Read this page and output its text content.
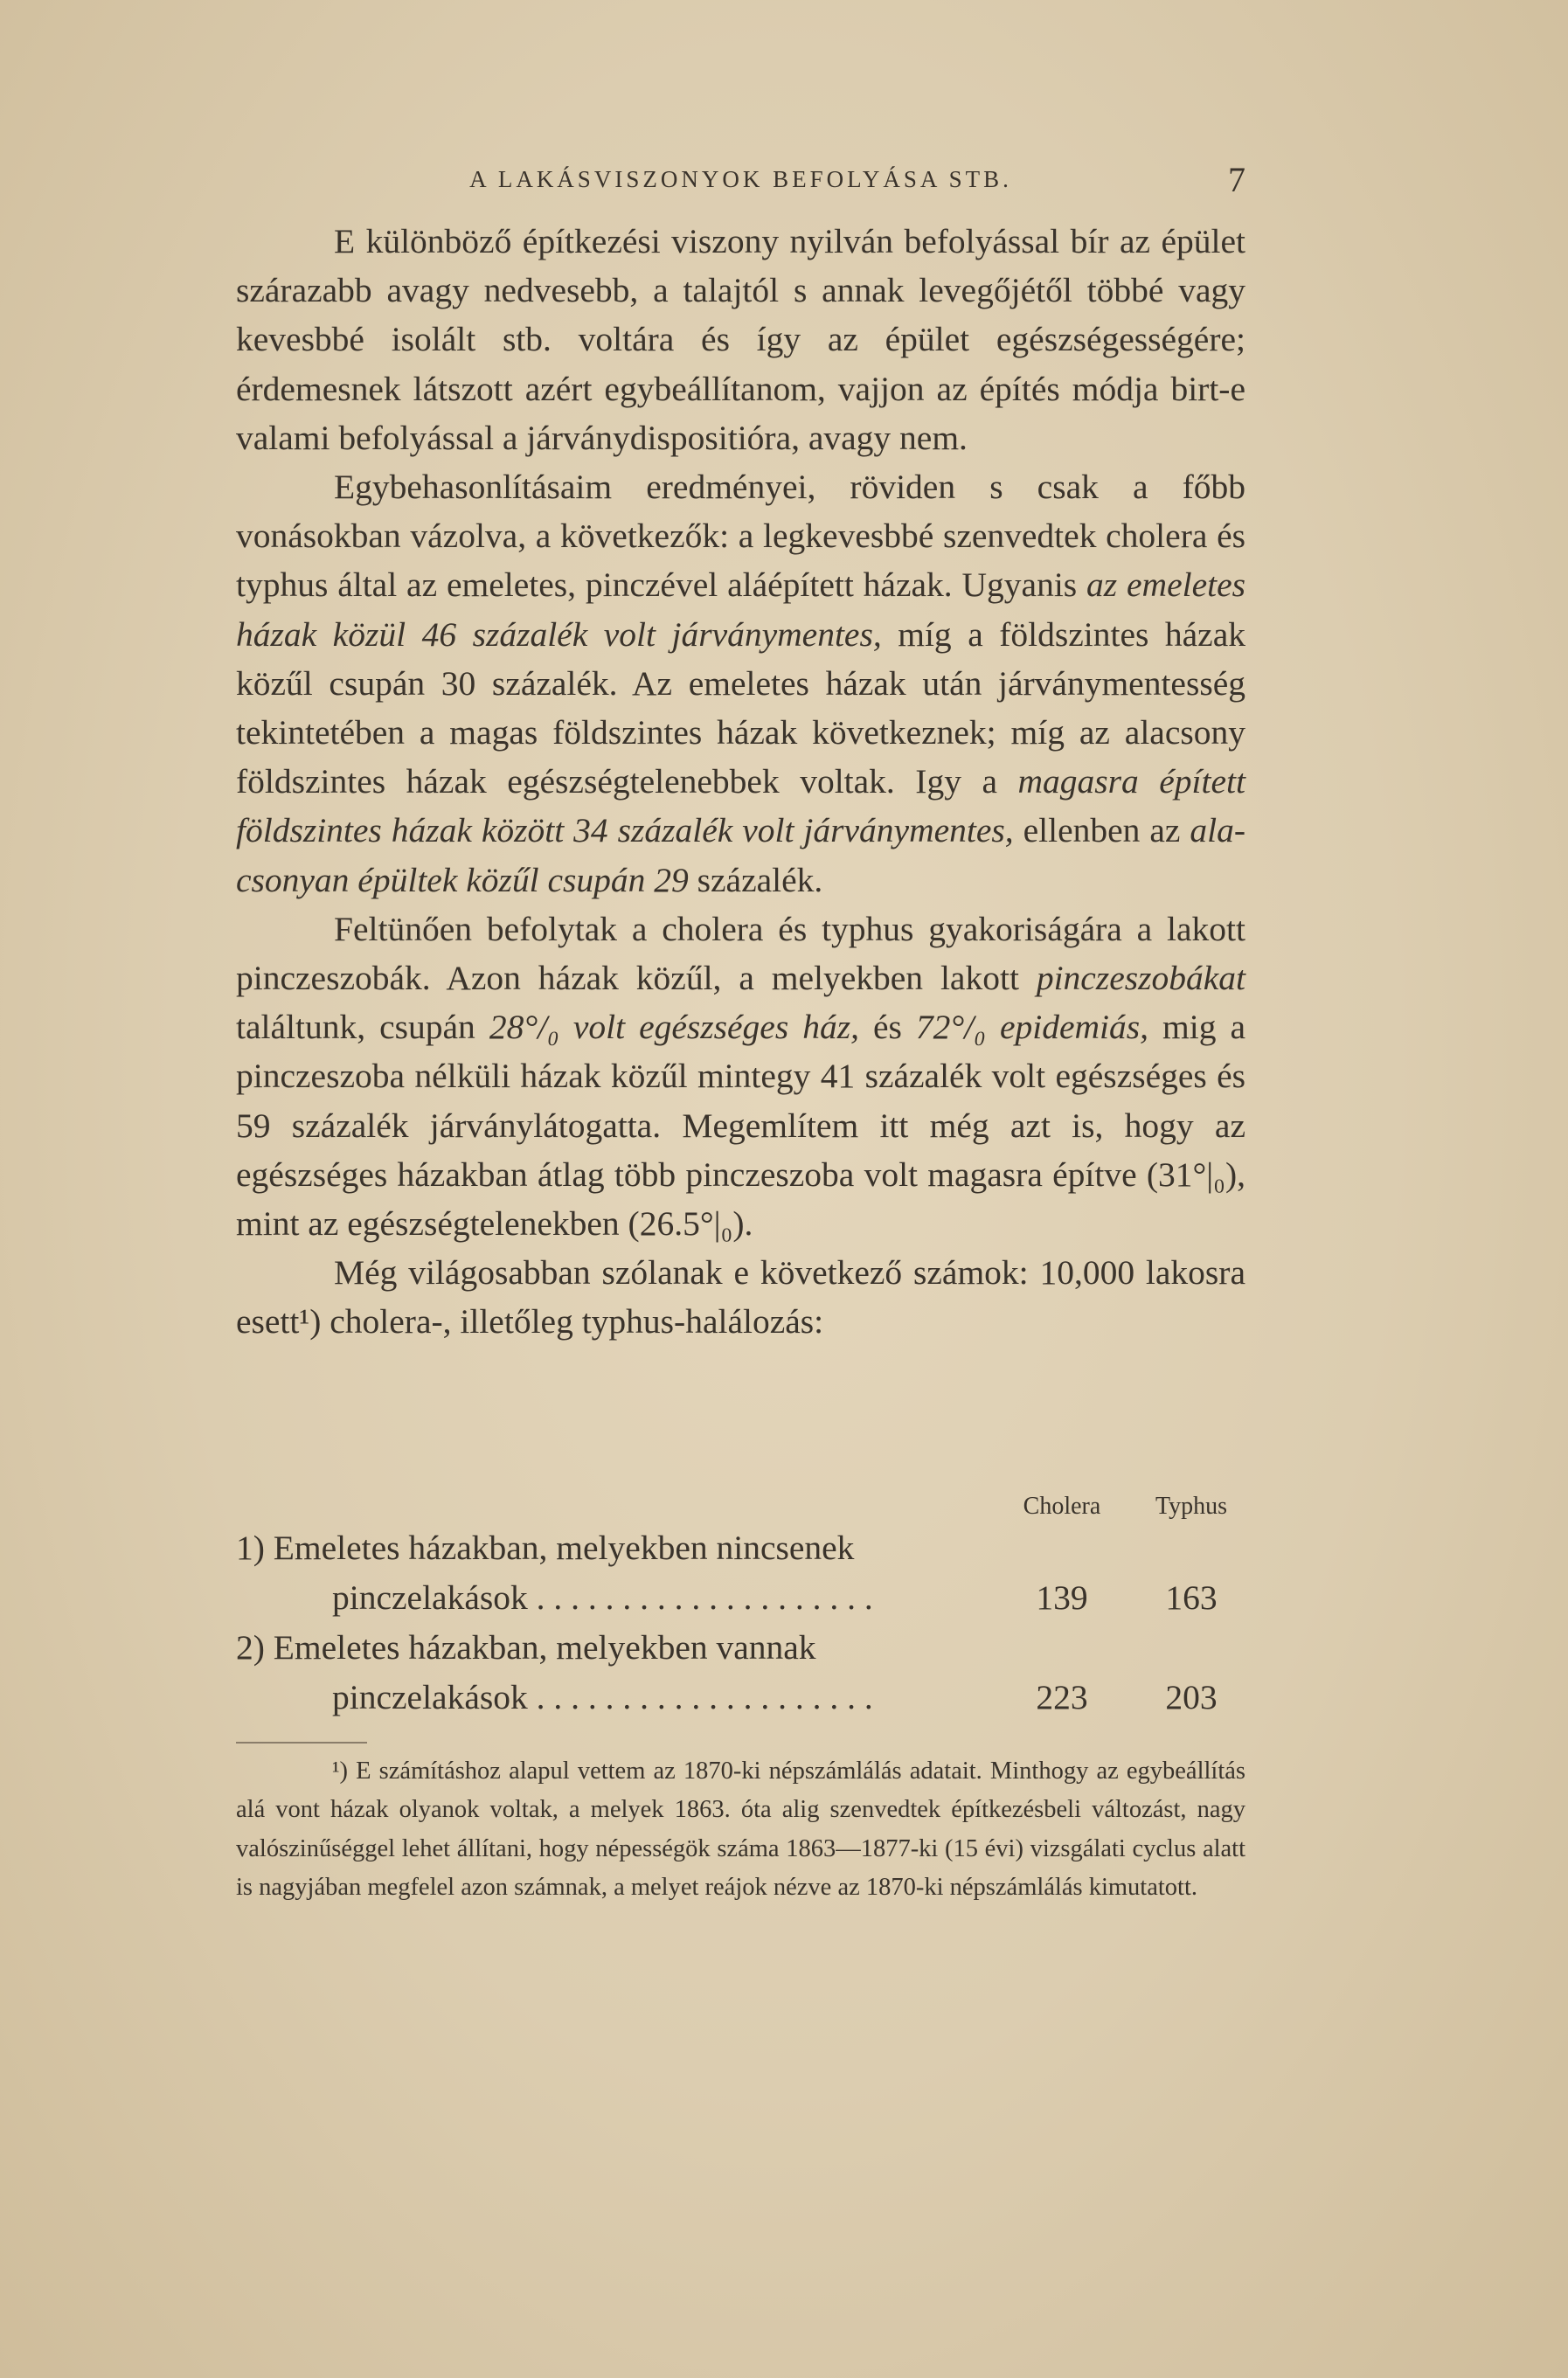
A LAKÁSVISZONYOK BEFOLYÁSA STB.	7

E különböző építkezési viszony nyilván befolyással bír az épület szárazabb avagy nedvesebb, a talajtól s annak levegőjétől többé vagy kevesbbé isolált stb. voltára és így az épület egészségességére; érdemesnek látszott azért egybeállítanom, vajjon az építés módja birt-e valami befolyással a járványdispositióra, avagy nem.

Egybehasonlításaim eredményei, röviden s csak a főbb vonásokban vázolva, a következők: a legkevesbbé szenvedtek cholera és typhus által az emeletes, pinczével aláépített házak. Ugyanis az emeletes házak közül 46 százalék volt járványmentes, míg a földszintes házak közűl csupán 30 százalék. Az emeletes házak után járványmentesség tekintetében a magas földszintes házak következnek; míg az alacsony földszintes házak egészségtelenebbek voltak. Igy a magasra épített földszintes házak között 34 százalék volt járványmentes, ellenben az alacsonyan épültek közűl csupán 29 százalék.

Feltünően befolytak a cholera és typhus gyakoriságára a lakott pinczeszobák. Azon házak közűl, a melyekben lakott pinczeszobákat találtunk, csupán 28°/₀ volt egészséges ház, és 72°/₀ epidemiás, mig a pinczeszoba nélküli házak közűl mintegy 41 százalék volt egészséges és 59 százalék járványlátogatta. Megemlítem itt még azt is, hogy az egészséges házakban átlag több pinczeszoba volt magasra építve (31°|₀), mint az egészségtelenekben (26.5°|₀).

Még világosabban szólanak e következő számok: 10,000 lakosra esett¹) cholera-, illetőleg typhus-halálozás:

Cholera	Typhus
1) Emeletes házakban, melyekben nincsenek
pinczelakások . . . . . . . . . . . . . . . . . . . .	139	163
2) Emeletes házakban, melyekben vannak
pinczelakások . . . . . . . . . . . . . . . . . . . .	223	203

¹) E számításhoz alapul vettem az 1870-ki népszámlálás adatait. Minthogy az egybeállítás alá vont házak olyanok voltak, a melyek 1863. óta alig szenvedtek építkezésbeli változást, nagy valószinűséggel lehet állítani, hogy népességök száma 1863—1877-ki (15 évi) vizsgálati cyclus alatt is nagyjában megfelel azon számnak, a melyet reájok nézve az 1870-ki népszámlálás kimutatott.
